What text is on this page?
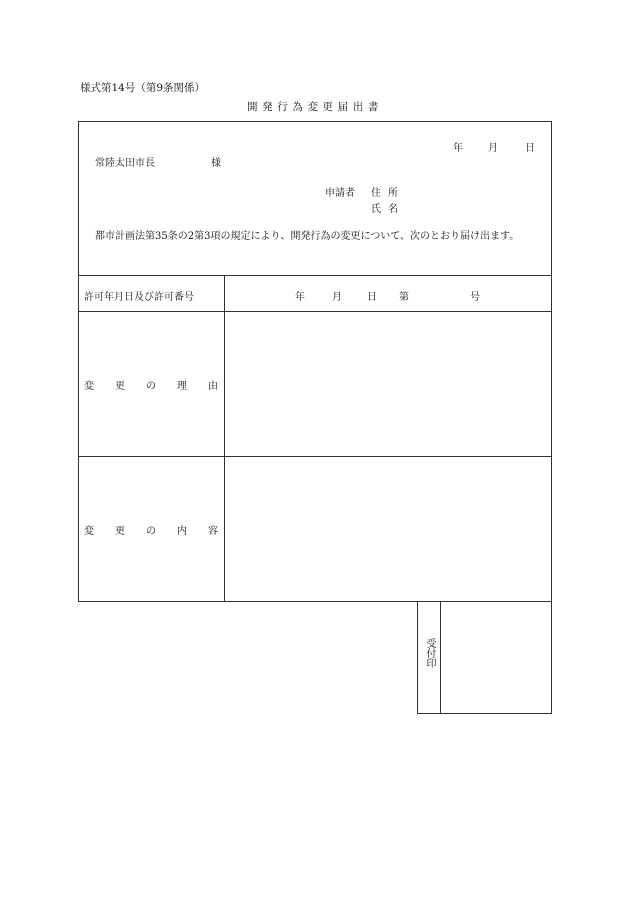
様式第14号（第9条関係）
開発行為変更届出書
年	月	日
常陸太田市長	様
申請者 住所
氏名
都市計画法第35条の2第3項の規定により、開発行為の変更について、次のとおり届け出ます。
許可年月日及び許可番号	年	月	日 第	号
変 更 の 理 由
変 更 の 内 容
受付印
